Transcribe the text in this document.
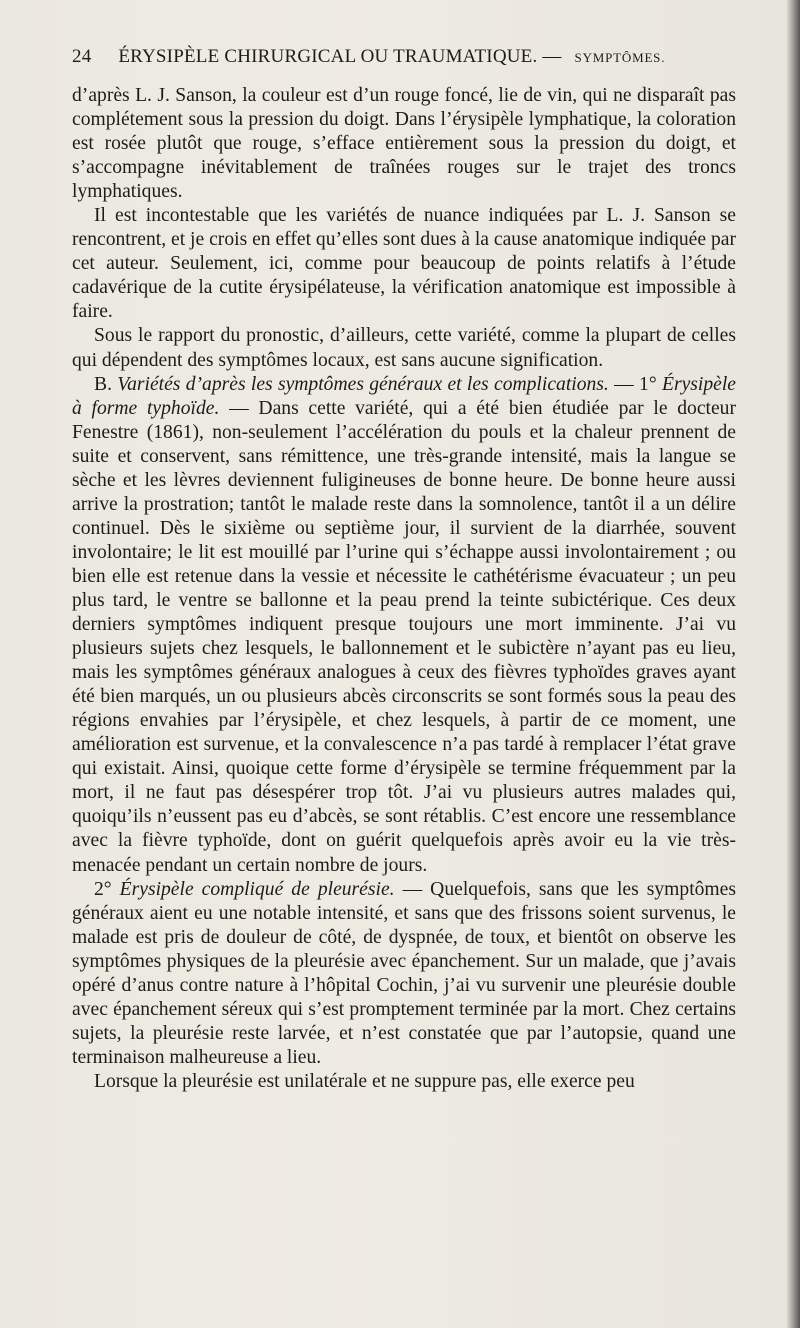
24 ÉRYSIPÈLE CHIRURGICAL OU TRAUMATIQUE. — SYMPTÔMES.

d’après L. J. Sanson, la couleur est d’un rouge foncé, lie de vin, qui ne disparaît pas complétement sous la pression du doigt. Dans l’érysipèle lymphatique, la coloration est rosée plutôt que rouge, s’efface entièrement sous la pression du doigt, et s’accompagne inévitablement de traînées rouges sur le trajet des troncs lymphatiques.

Il est incontestable que les variétés de nuance indiquées par L. J. Sanson se rencontrent, et je crois en effet qu’elles sont dues à la cause anatomique indiquée par cet auteur. Seulement, ici, comme pour beaucoup de points relatifs à l’étude cadavérique de la cutite érysipélateuse, la vérification anatomique est impossible à faire.

Sous le rapport du pronostic, d’ailleurs, cette variété, comme la plupart de celles qui dépendent des symptômes locaux, est sans aucune signification.

B. Variétés d’après les symptômes généraux et les complications. — 1° Érysipèle à forme typhoïde. — Dans cette variété, qui a été bien étudiée par le docteur Fenestre (1861), non-seulement l’accélération du pouls et la chaleur prennent de suite et conservent, sans rémittence, une très-grande intensité, mais la langue se sèche et les lèvres deviennent fuligineuses de bonne heure. De bonne heure aussi arrive la prostration; tantôt le malade reste dans la somnolence, tantôt il a un délire continuel. Dès le sixième ou septième jour, il survient de la diarrhée, souvent involontaire; le lit est mouillé par l’urine qui s’échappe aussi involontairement ; ou bien elle est retenue dans la vessie et nécessite le cathétérisme évacuateur ; un peu plus tard, le ventre se ballonne et la peau prend la teinte subictérique. Ces deux derniers symptômes indiquent presque toujours une mort imminente. J’ai vu plusieurs sujets chez lesquels, le ballonnement et le subictère n’ayant pas eu lieu, mais les symptômes généraux analogues à ceux des fièvres typhoïdes graves ayant été bien marqués, un ou plusieurs abcès circonscrits se sont formés sous la peau des régions envahies par l’érysipèle, et chez lesquels, à partir de ce moment, une amélioration est survenue, et la convalescence n’a pas tardé à remplacer l’état grave qui existait. Ainsi, quoique cette forme d’érysipèle se termine fréquemment par la mort, il ne faut pas désespérer trop tôt. J’ai vu plusieurs autres malades qui, quoiqu’ils n’eussent pas eu d’abcès, se sont rétablis. C’est encore une ressemblance avec la fièvre typhoïde, dont on guérit quelquefois après avoir eu la vie très-menacée pendant un certain nombre de jours.

2° Érysipèle compliqué de pleurésie. — Quelquefois, sans que les symptômes généraux aient eu une notable intensité, et sans que des frissons soient survenus, le malade est pris de douleur de côté, de dyspnée, de toux, et bientôt on observe les symptômes physiques de la pleurésie avec épanchement. Sur un malade, que j’avais opéré d’anus contre nature à l’hôpital Cochin, j’ai vu survenir une pleurésie double avec épanchement séreux qui s’est promptement terminée par la mort. Chez certains sujets, la pleurésie reste larvée, et n’est constatée que par l’autopsie, quand une terminaison malheureuse a lieu.

Lorsque la pleurésie est unilatérale et ne suppure pas, elle exerce peu
